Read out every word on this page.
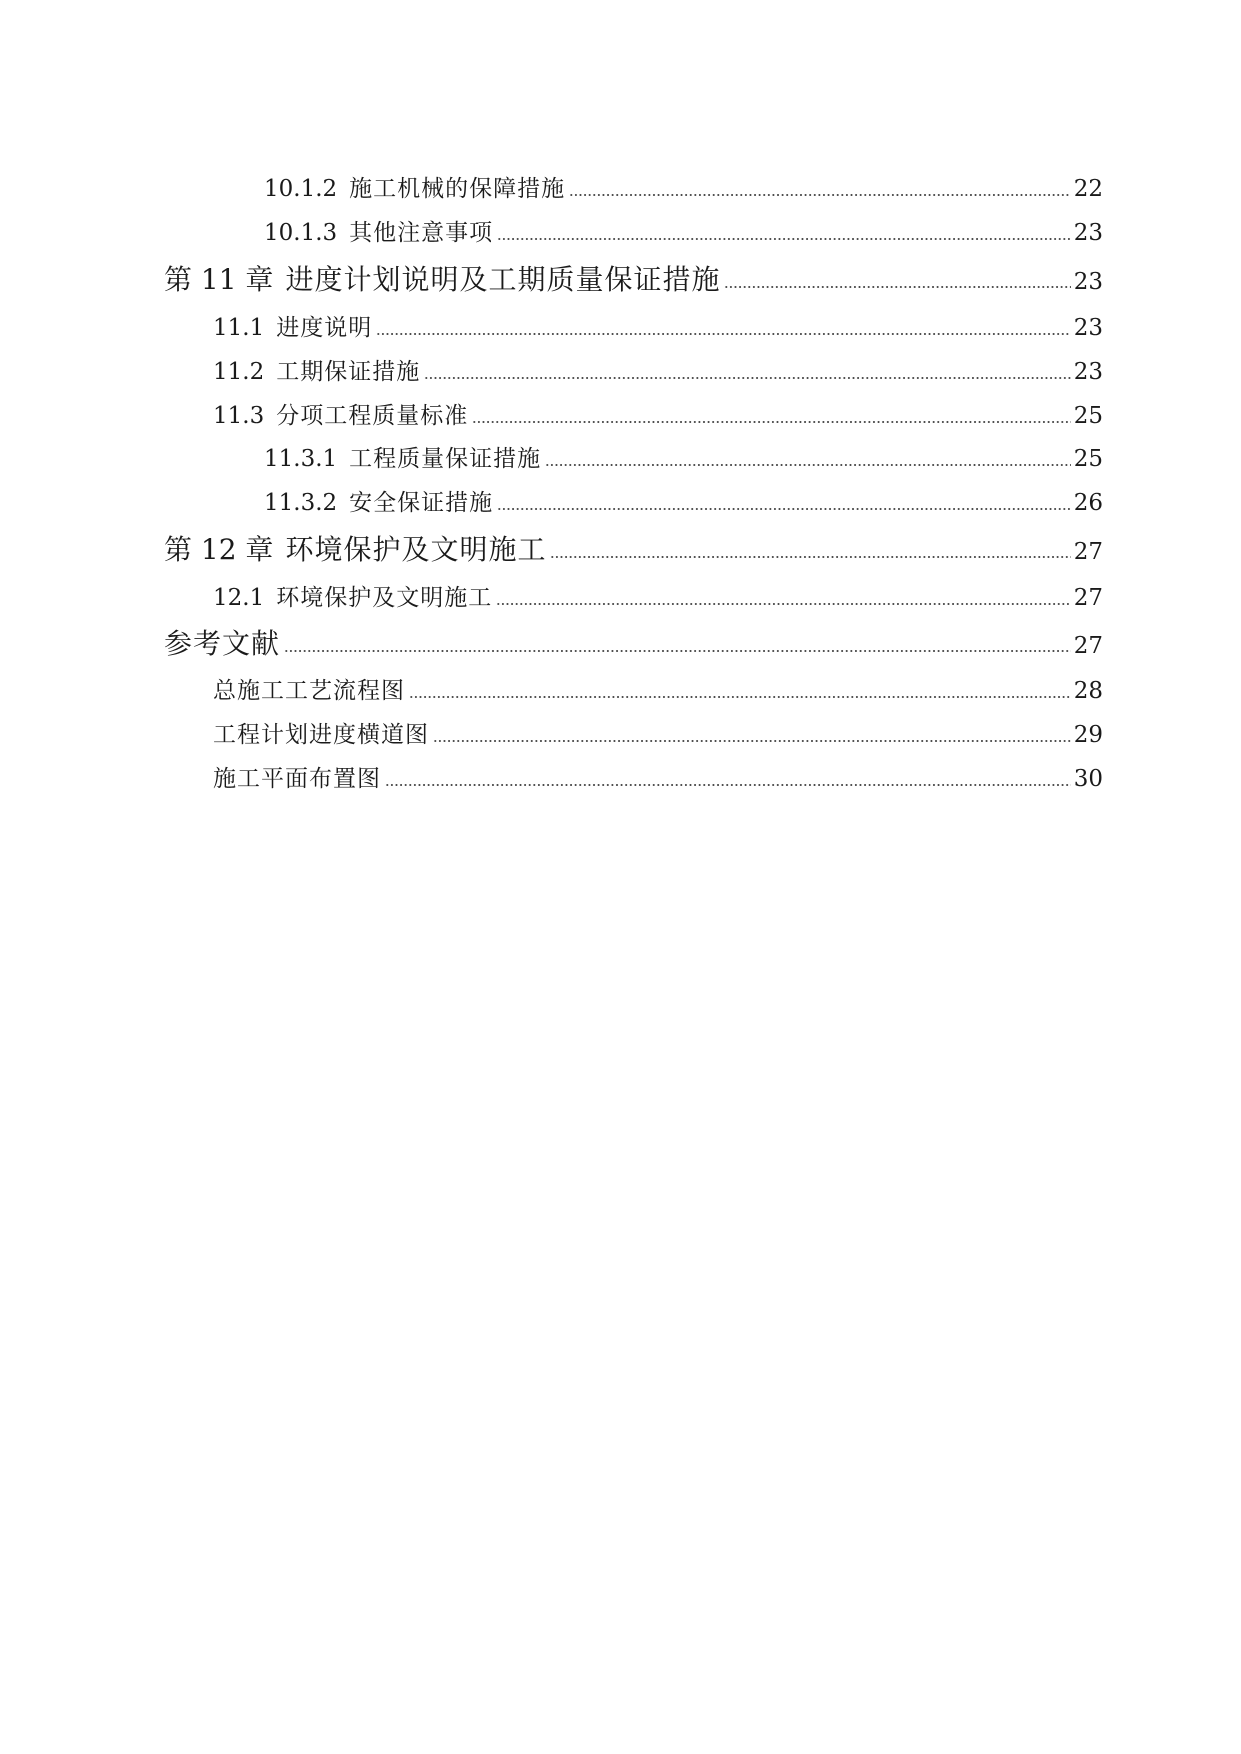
10.1.2 施工机械的保障措施	22
10.1.3 其他注意事项	23
第 11 章 进度计划说明及工期质量保证措施	23
11.1 进度说明	23
11.2 工期保证措施	23
11.3 分项工程质量标准	25
11.3.1 工程质量保证措施	25
11.3.2 安全保证措施	26
第 12 章 环境保护及文明施工	27
12.1 环境保护及文明施工	27
参考文献	27
总施工工艺流程图	28
工程计划进度横道图	29
施工平面布置图	30
